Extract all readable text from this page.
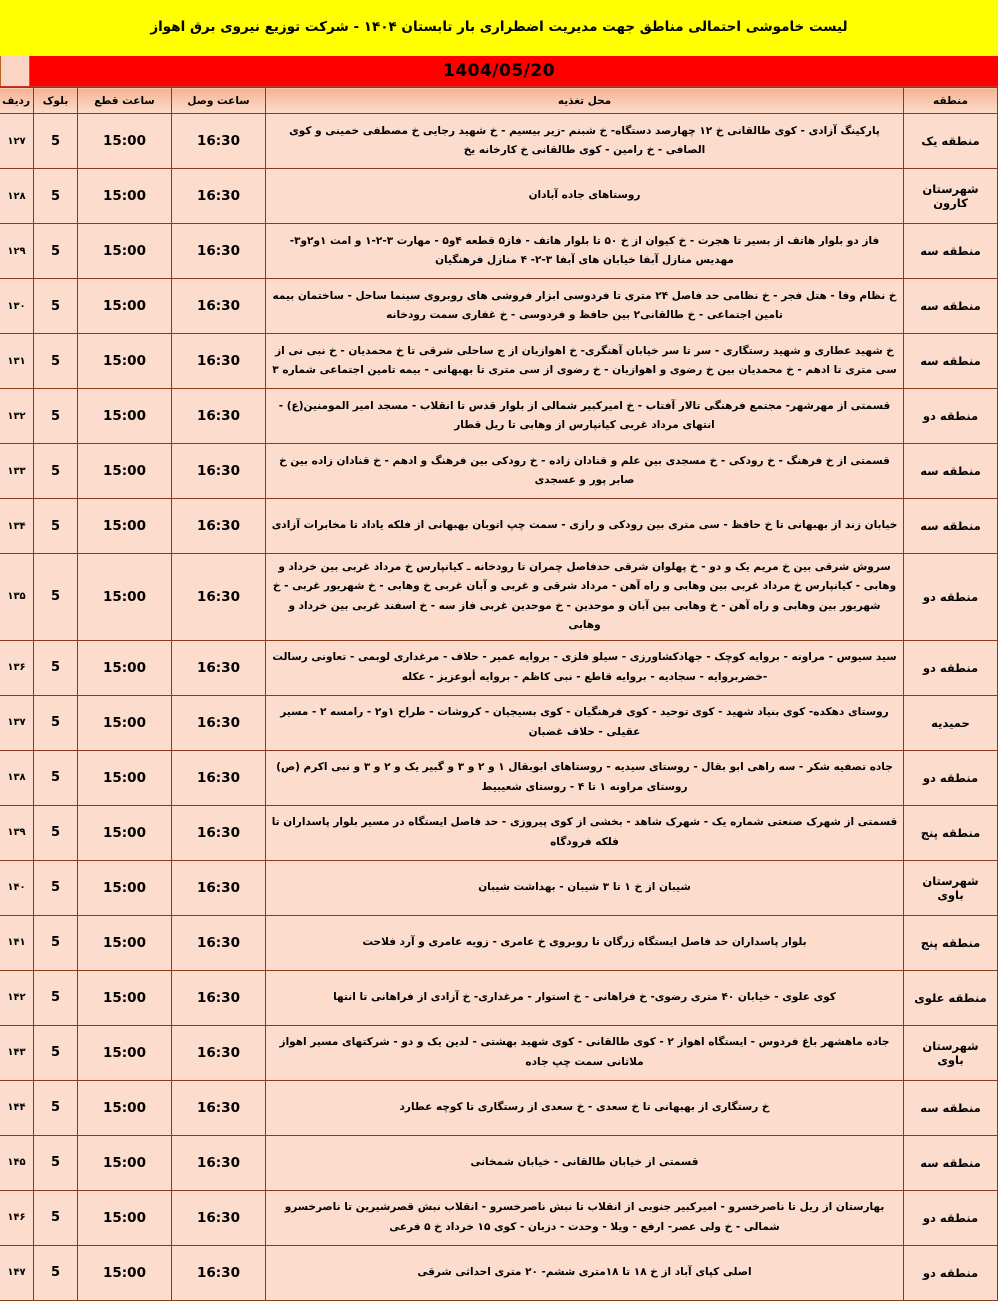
لیست خاموشی احتمالی مناطق جهت مدیریت اضطراری بار تابستان ۱۴۰۴ - شرکت توزیع نیروی برق اهواز
1404/05/20
منطقه	محل تغذیه	ساعت وصل	ساعت قطع	بلوک	ردیف
منطقه یک	پارکینگ آزادی - کوی طالقانی خ ۱۲ چهارصد دستگاه- خ شبنم -زیر بیسیم - خ شهید رجایی خ مصطفی خمینی و کوی الصافی - خ رامین - کوی طالقانی خ کارخانه یخ	16:30	15:00	5	۱۲۷
شهرستان کارون	روستاهای جاده آبادان	16:30	15:00	5	۱۲۸
منطقه سه	فاز دو بلوار هاتف از بسیر تا هجرت - خ کیوان از خ ۵۰ تا بلوار هاتف - فاز۵ قطعه ۴و۵ - مهارت ۳-۲-۱ و امت ۱و۲و۳- مهدیس منازل آبفا خیابان های آبفا ۳-۲- ۴ منازل فرهنگیان	16:30	15:00	5	۱۲۹
منطقه سه	خ نظام وفا - هتل فجر - خ نظامی حد فاصل ۲۴ متری تا فردوسی ابزار فروشی های روبروی سینما ساحل - ساختمان بیمه تامین اجتماعی - خ طالقانی۲ بین حافظ و فردوسی - خ غفاری سمت رودخانه	16:30	15:00	5	۱۳۰
منطقه سه	خ شهید عطاری و شهید رستگاری - سر تا سر خیابان آهنگری- خ اهوازیان از ج ساحلی شرقی تا خ محمدیان - خ نبی نی از سی متری تا ادهم - خ محمدیان بین خ رضوی و اهوازیان - خ رضوی از سی متری تا بهبهانی - بیمه تامین اجتماعی شماره ۳	16:30	15:00	5	۱۳۱
منطقه دو	قسمتی از مهرشهر- مجتمع فرهنگی تالار آفتاب - خ امیرکبیر شمالی از بلوار قدس تا انقلاب - مسجد امیر المومنین(ع) - انتهای مرداد غربی کیانپارس از وهابی تا ریل قطار	16:30	15:00	5	۱۳۲
منطقه سه	قسمتی از خ فرهنگ - خ رودکی - خ مسجدی بین علم و قنادان زاده - خ رودکی بین فرهنگ و ادهم - خ قنادان زاده بین خ صابر پور و عسجدی	16:30	15:00	5	۱۳۳
منطقه سه	خیابان زند از بهبهانی تا خ حافظ - سی متری بین رودکی و رازی - سمت چپ اتوبان بهبهانی از فلکه یاداد تا مخابرات آزادی	16:30	15:00	5	۱۳۴
منطقه دو	سروش شرقی بین خ مریم یک و دو - خ پهلوان شرقی حدفاصل چمران تا رودخانه ـ کیانپارس خ مرداد غربی بین خرداد و وهابی - کیانپارس خ مرداد غربی بین وهابی و راه آهن - مرداد شرقی و غربی و آبان غربی خ وهابی - خ شهریور غربی - خ شهریور بین وهابی و راه آهن - خ وهابی بین آبان و موحدین - خ موحدین غربی فاز سه - خ اسفند غربی بین خرداد و وهابی	16:30	15:00	5	۱۳۵
منطقه دو	سید سیوس - مراونه - بروایه کوچک - جهادکشاورزی - سیلو فلزی - بروایه عمیر - حلاف - مرغداری لوبمی - تعاونی رسالت -خضربروایه - سجادیه - بروایه قاطع - نبی کاظم - بروایه أبوعزیز - عکله	16:30	15:00	5	۱۳۶
حمیدیه	روستای دهکده- کوی بنیاد شهید - کوی توحید - کوی فرهنگیان - کوی بسیجیان - کروشات - طراح ۱و۲ - رامسه ۲ - مسیر عقیلی - حلاف غضبان	16:30	15:00	5	۱۳۷
منطقه دو	جاده تصفیه شکر - سه راهی ابو بقال - روستای سیدیه - روستاهای ابوبقال ۱ و ۲ و ۳ و گبیر یک و ۲ و ۳ و نبی اکرم (ص) روستای مراونه ۱ تا ۴ - روستای شعیبیط	16:30	15:00	5	۱۳۸
منطقه پنج	قسمتی از شهرک صنعتی شماره یک - شهرک شاهد - بخشی از کوی پیروزی - حد فاصل ایستگاه در مسیر بلوار پاسداران تا فلکه فرودگاه	16:30	15:00	5	۱۳۹
شهرستان باوی	شیبان از خ ۱ تا ۳ شیبان - بهداشت شیبان	16:30	15:00	5	۱۴۰
منطقه پنج	بلوار پاسداران حد فاصل ایستگاه زرگان تا روبروی خ عامری - زویه عامری و آرد فلاحت	16:30	15:00	5	۱۴۱
منطقه علوی	کوی علوی - خیابان ۴۰ متری رضوی- خ فراهانی - خ استوار - مرغداری- خ آزادی از فراهانی تا انتها	16:30	15:00	5	۱۴۲
شهرستان باوی	جاده ماهشهر باغ فردوس - ایستگاه اهواز ۲ - کوی طالقانی - کوی شهید بهشتی - لدین یک و دو - شرکتهای مسیر اهواز ملاثانی سمت چپ جاده	16:30	15:00	5	۱۴۳
منطقه سه	خ رستگاری از بهبهانی تا خ سعدی - خ سعدی از رستگاری تا کوچه عطارد	16:30	15:00	5	۱۴۴
منطقه سه	قسمتی از خیابان طالقانی - خیابان شمخانی	16:30	15:00	5	۱۴۵
منطقه دو	بهارستان از ریل تا ناصرخسرو - امیرکبیر جنوبی از انقلاب تا نبش ناصرخسرو - انقلاب نبش قصرشیرین تا ناصرخسرو شمالی - خ ولی عصر- ارفع - ویلا - وحدت - دزبان - کوی ۱۵ خرداد خ ۵ فرعی	16:30	15:00	5	۱۴۶
منطقه دو	اصلی کپای آباد از خ ۱۸ تا ۱۸متری ششم- ۲۰ متری احداثی شرقی	16:30	15:00	5	۱۴۷
